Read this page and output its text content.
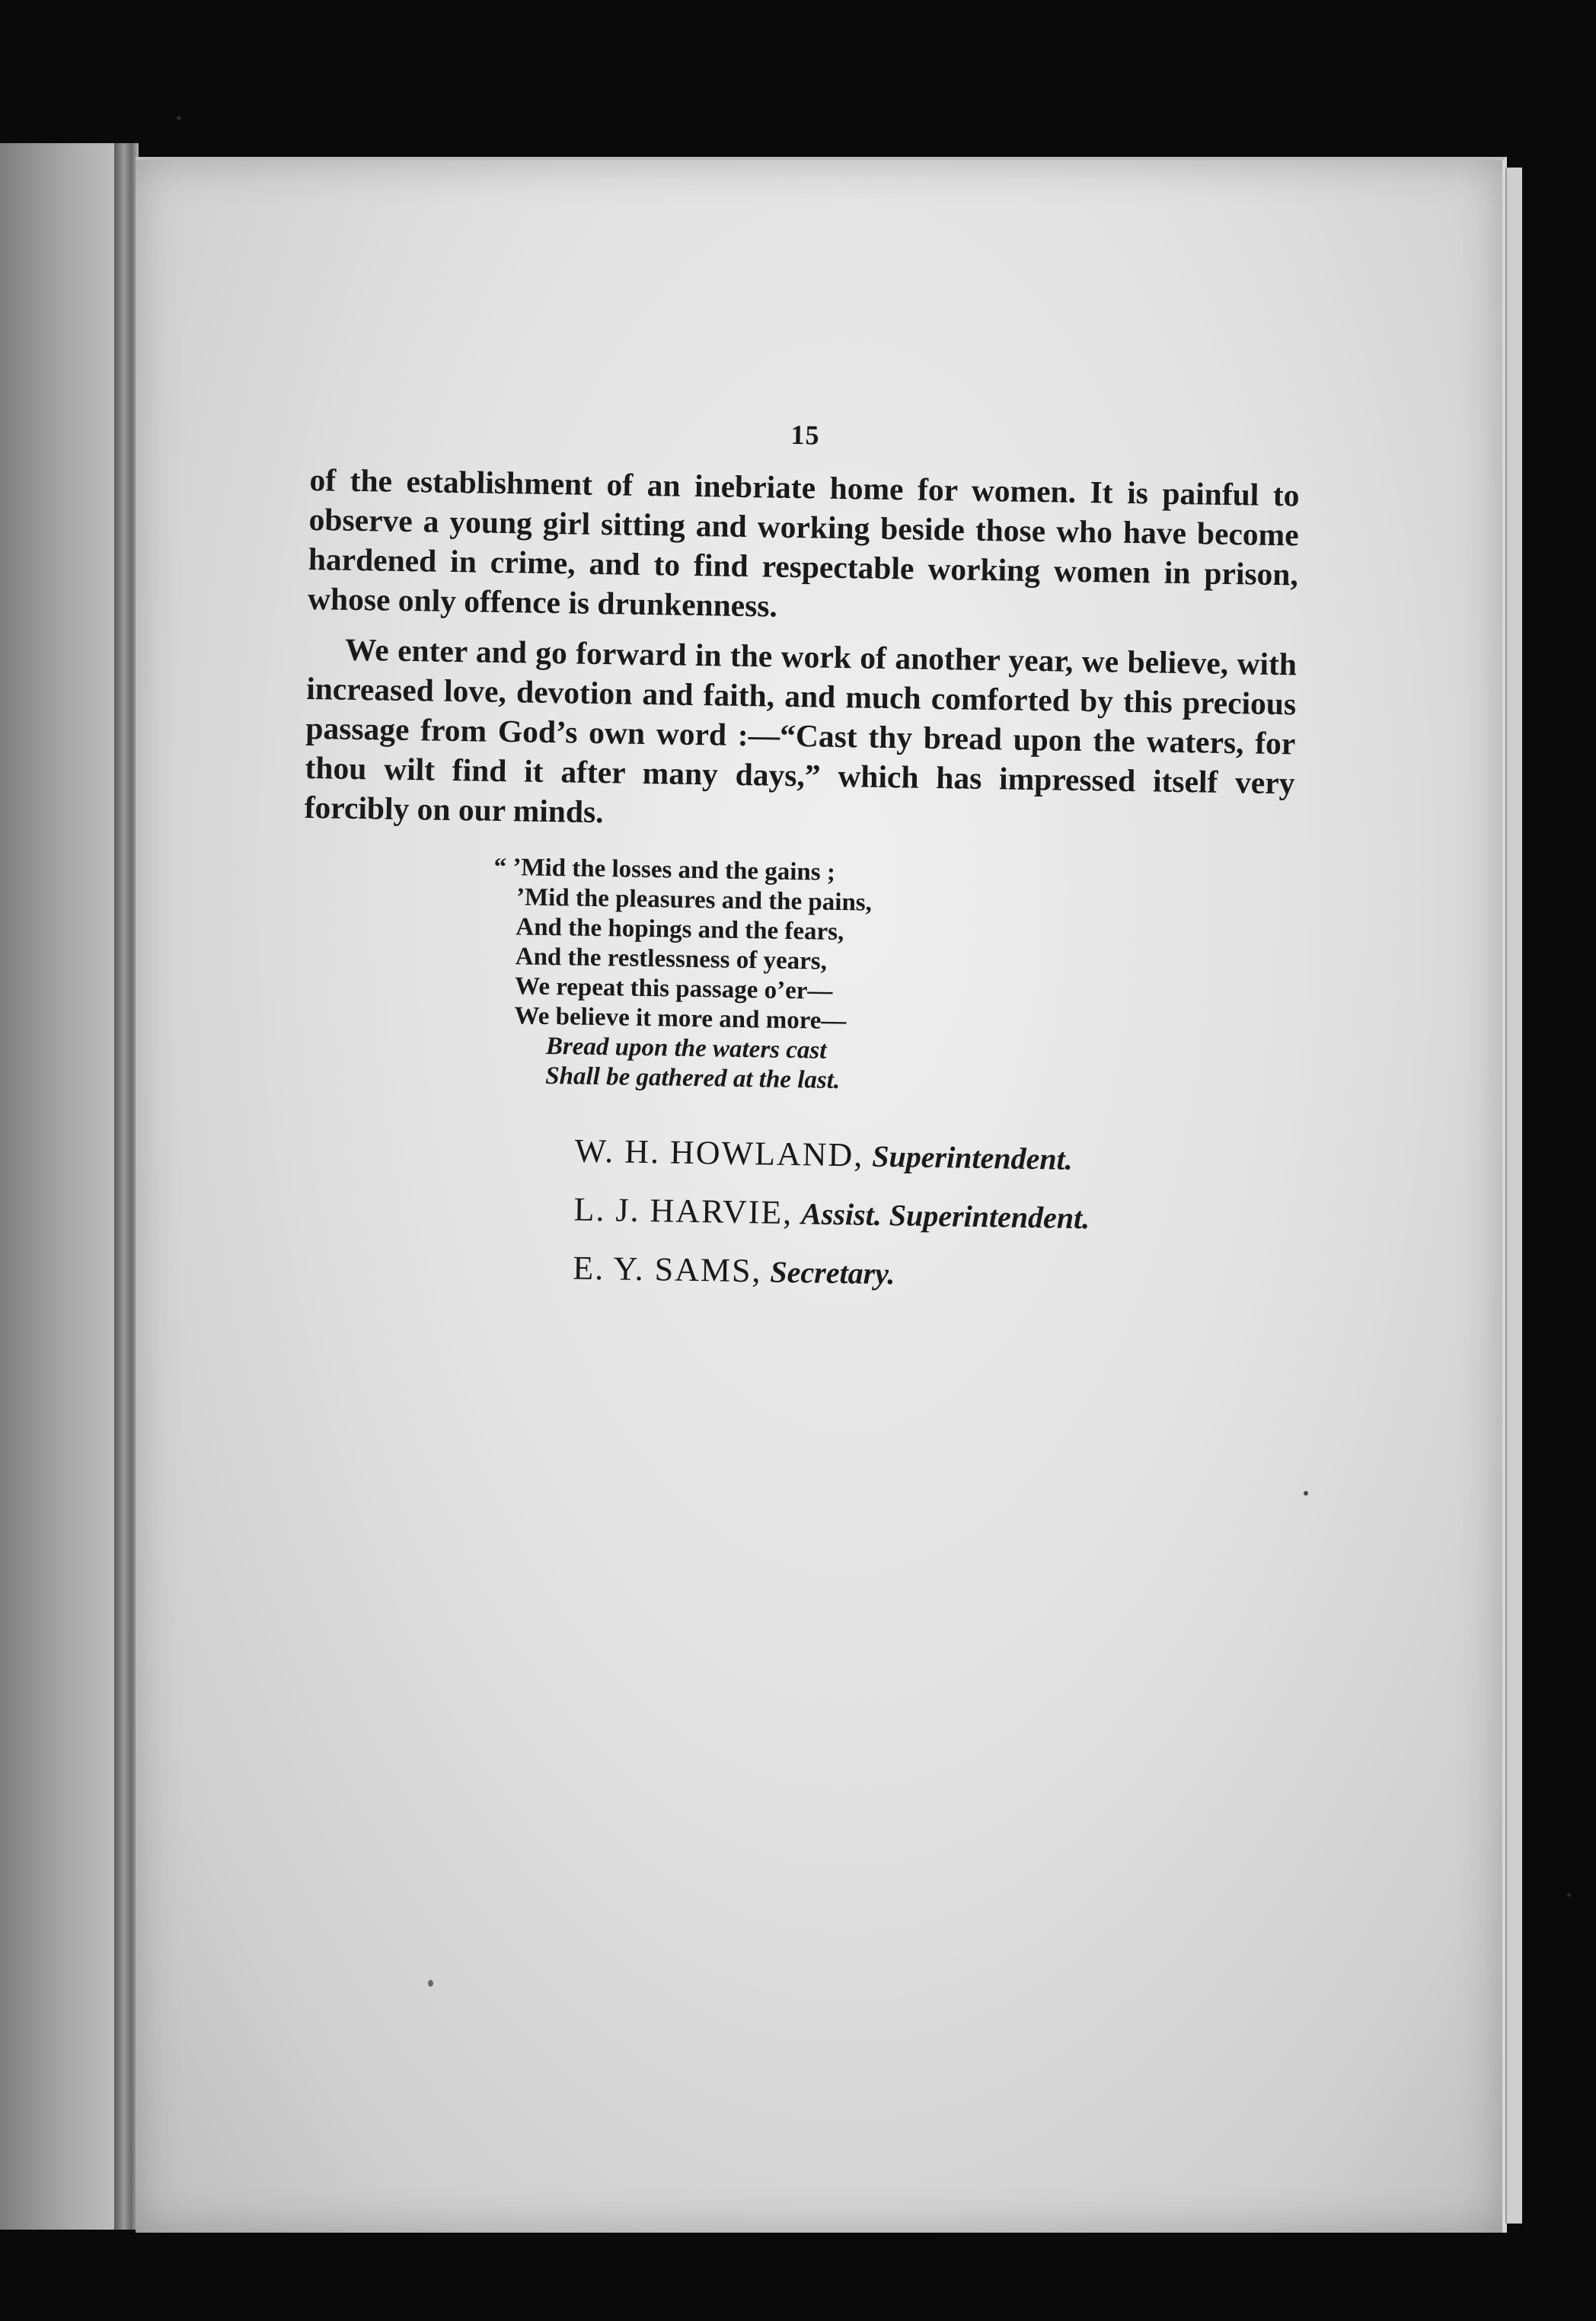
15

of the establishment of an inebriate home for women. It is painful to observe a young girl sitting and working beside those who have become hardened in crime, and to find respectable working women in prison, whose only offence is drunkenness.

We enter and go forward in the work of another year, we believe, with increased love, devotion and faith, and much comforted by this precious passage from God’s own word :—“Cast thy bread upon the waters, for thou wilt find it after many days,” which has impressed itself very forcibly on our minds.

“ ’Mid the losses and the gains ;
’Mid the pleasures and the pains,
And the hopings and the fears,
And the restlessness of years,
We repeat this passage o’er—
We believe it more and more—
Bread upon the waters cast
Shall be gathered at the last.
W. H. HOWLAND, Superintendent.
L. J. HARVIE, Assist. Superintendent.
E. Y. SAMS, Secretary.
